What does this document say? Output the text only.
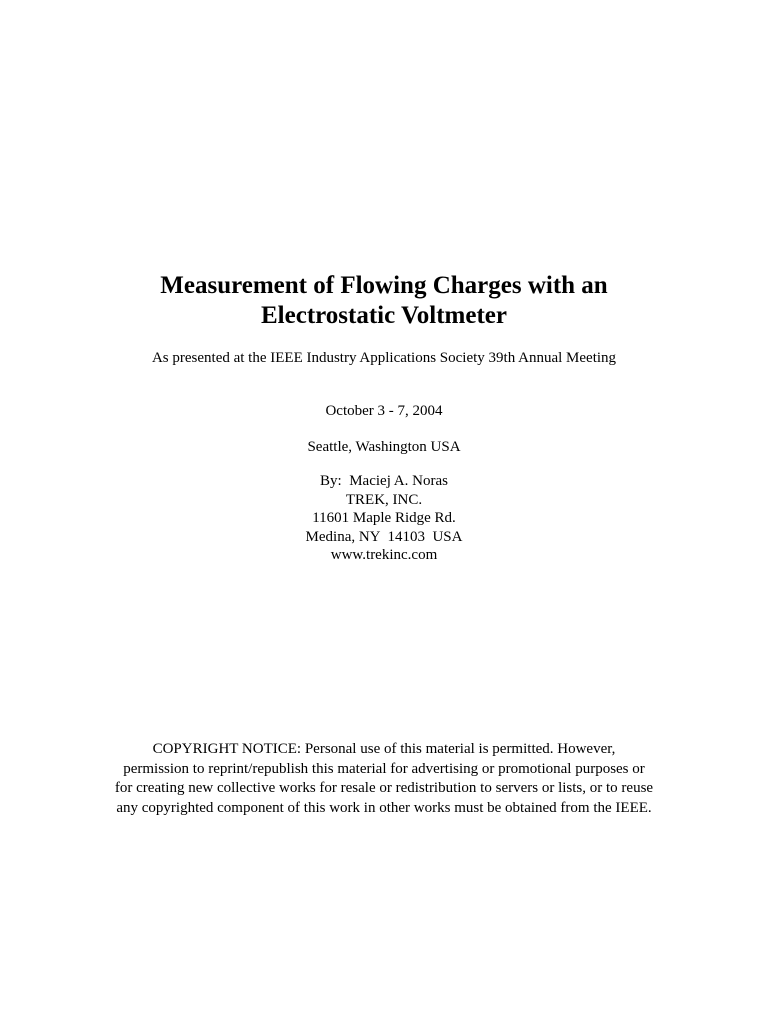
Measurement of Flowing Charges with an
Electrostatic Voltmeter
As presented at the IEEE Industry Applications Society 39th Annual Meeting
October 3 - 7, 2004
Seattle, Washington USA
By:  Maciej A. Noras
TREK, INC.
11601 Maple Ridge Rd.
Medina, NY  14103  USA
www.trekinc.com
COPYRIGHT NOTICE: Personal use of this material is permitted. However,
permission to reprint/republish this material for advertising or promotional purposes or
for creating new collective works for resale or redistribution to servers or lists, or to reuse
any copyrighted component of this work in other works must be obtained from the IEEE.
